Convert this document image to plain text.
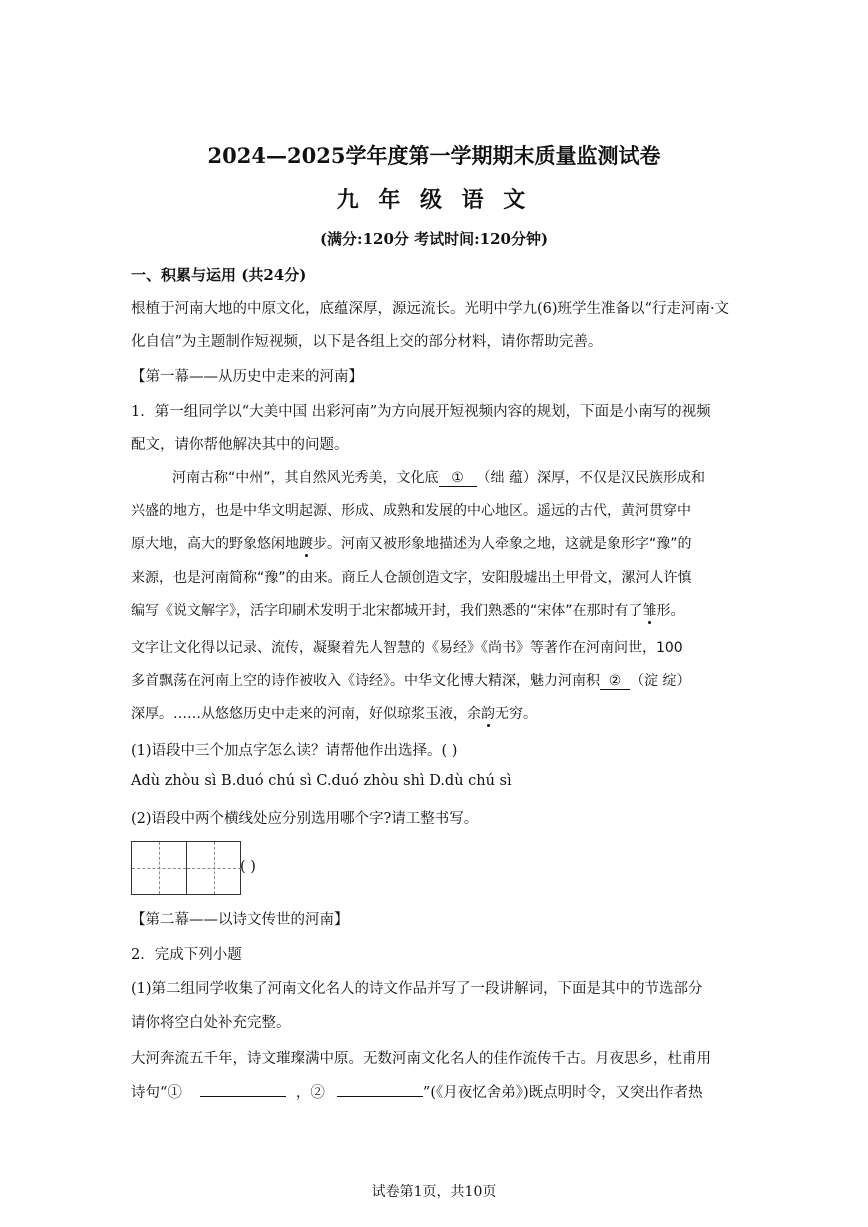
2024—2025学年度第一学期期末质量监测试卷
九 年 级 语 文
(满分:120分 考试时间:120分钟)
一、积累与运用 (共24分)
根植于河南大地的中原文化，底蕴深厚，源远流长。光明中学九(6)班学生准备以“行走河南·文
化自信”为主题制作短视频，以下是各组上交的部分材料，请你帮助完善。
【第一幕——从历史中走来的河南】
1．第一组同学以“大美中国 出彩河南”为方向展开短视频内容的规划，下面是小南写的视频
配文，请你帮他解决其中的问题。
河南古称“中州”，其自然风光秀美，文化底 ① （绌 蕴）深厚，不仅是汉民族形成和
兴盛的地方，也是中华文明起源、形成、成熟和发展的中心地区。遥远的古代，黄河贯穿中
原大地，高大的野象悠闲地踱步。河南又被形象地描述为人牵象之地，这就是象形字“豫”的
来源，也是河南简称“豫”的由来。商丘人仓颉创造文字，安阳殷墟出土甲骨文，漯河人许慎
编写《说文解字》，活字印刷术发明于北宋都城开封，我们熟悉的“宋体”在那时有了雏形。
文字让文化得以记录、流传，凝聚着先人智慧的《易经》《尚书》等著作在河南问世，100
多首飘荡在河南上空的诗作被收入《诗经》。中华文化博大精深，魅力河南积 ② （淀 绽）
深厚。……从悠悠历史中走来的河南，好似琼浆玉液，余韵无穷。
(1)语段中三个加点字怎么读？请帮他作出选择。( )
Adù zhòu sì B.duó chú sì C.duó zhòu shì D.dù chú sì
(2)语段中两个横线处应分别选用哪个字?请工整书写。
( )
【第二幕——以诗文传世的河南】
2．完成下列小题
(1)第二组同学收集了河南文化名人的诗文作品并写了一段讲解词，下面是其中的节选部分
请你将空白处补充完整。
大河奔流五千年，诗文璀璨满中原。无数河南文化名人的佳作流传千古。月夜思乡，杜甫用
诗句“①	，②	”(《月夜忆舍弟》)既点明时令，又突出作者热
试卷第1页，共10页
